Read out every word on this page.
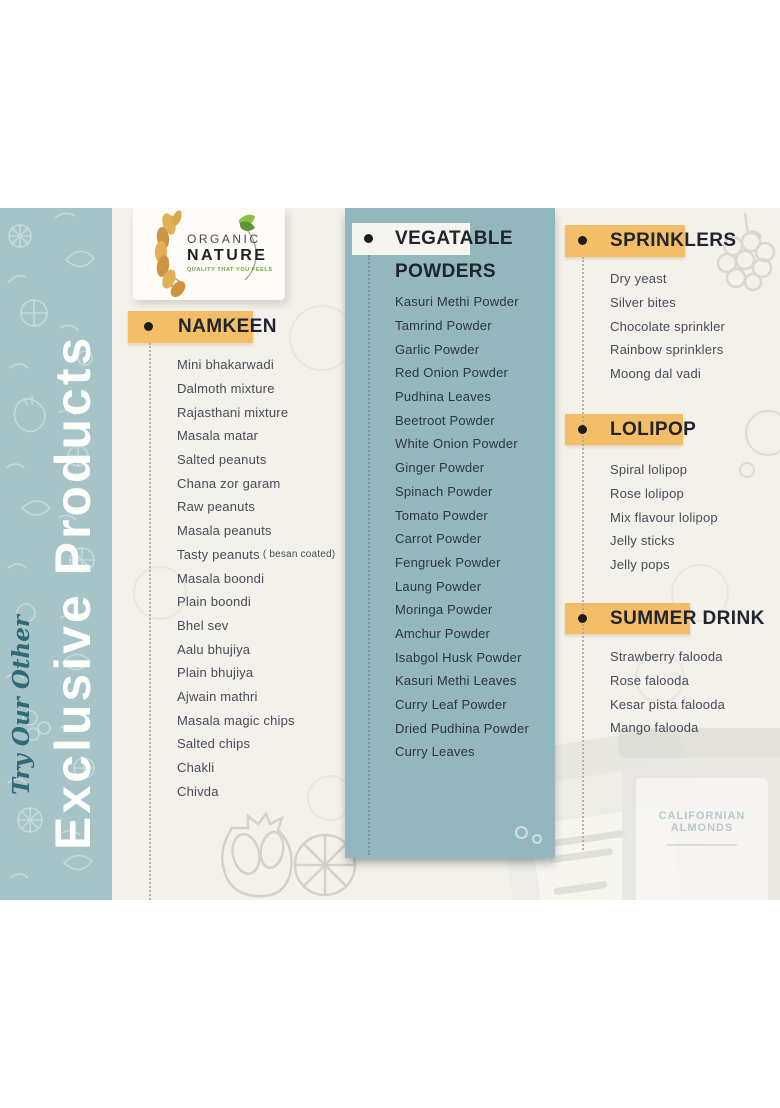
CALIFORNIAN
ALMONDS
Kasuri Methi Powder
Tamrind Powder
Garlic Powder
Red Onion Powder
Pudhina Leaves
Beetroot Powder
White Onion Powder
Ginger Powder
Spinach Powder
Tomato Powder
Carrot Powder
Fengruek Powder
Laung Powder
Moringa Powder
Amchur Powder
Isabgol Husk Powder
Kasuri Methi Leaves
Curry Leaf Powder
Dried Pudhina Powder
Curry Leaves
ORGANIC
NATURE
QUALITY THAT YOU FEELS
NAMKEEN
Mini bhakarwadi
Dalmoth mixture
Rajasthani mixture
Masala matar
Salted peanuts
Chana zor garam
Raw peanuts
Masala peanuts
Tasty peanuts ( besan coated)
Masala boondi
Plain boondi
Bhel sev
Aalu bhujiya
Plain bhujiya
Ajwain mathri
Masala magic chips
Salted chips
Chakli
Chivda
VEGATABLE
POWDERS
SPRINKLERS
Dry yeast
Silver bites
Chocolate sprinkler
Rainbow sprinklers
Moong dal vadi
LOLIPOP
Spiral lolipop
Rose lolipop
Mix flavour lolipop
Jelly sticks
Jelly pops
SUMMER DRINK
Strawberry falooda
Rose falooda
Kesar pista falooda
Mango falooda
Try Our Other Exclusive Products
